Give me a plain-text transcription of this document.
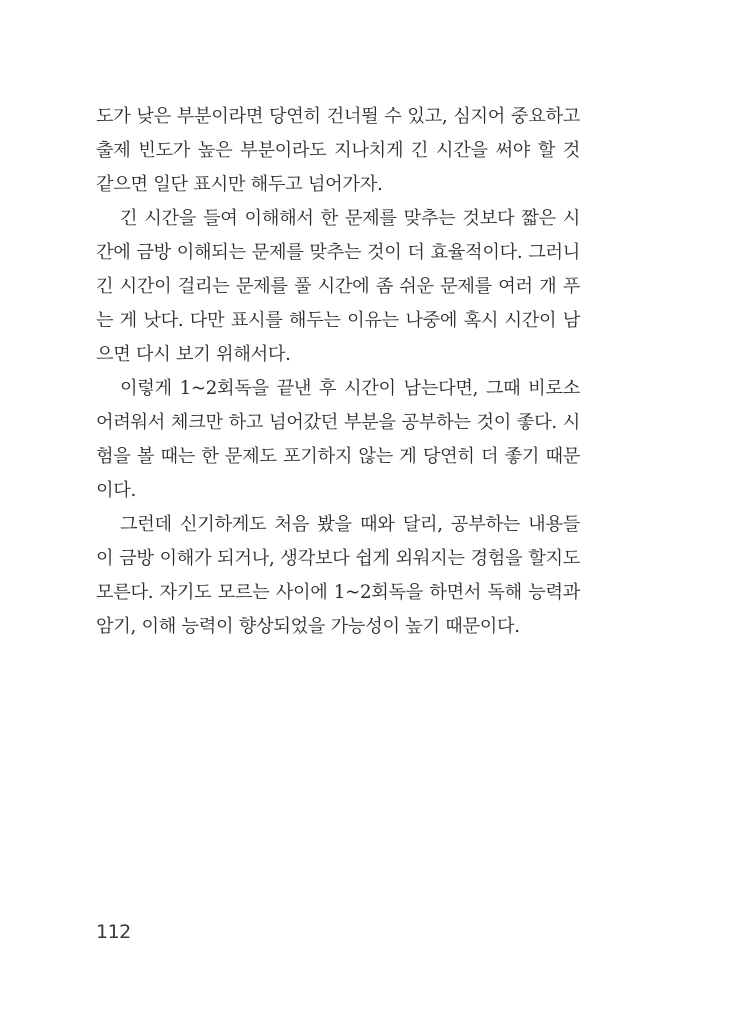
도가 낮은 부분이라면 당연히 건너뛸 수 있고, 심지어 중요하고
출제 빈도가 높은 부분이라도 지나치게 긴 시간을 써야 할 것
같으면 일단 표시만 해두고 넘어가자.
긴 시간을 들여 이해해서 한 문제를 맞추는 것보다 짧은 시
간에 금방 이해되는 문제를 맞추는 것이 더 효율적이다. 그러니
긴 시간이 걸리는 문제를 풀 시간에 좀 쉬운 문제를 여러 개 푸
는 게 낫다. 다만 표시를 해두는 이유는 나중에 혹시 시간이 남
으면 다시 보기 위해서다.
이렇게 1~2회독을 끝낸 후 시간이 남는다면, 그때 비로소
어려워서 체크만 하고 넘어갔던 부분을 공부하는 것이 좋다. 시
험을 볼 때는 한 문제도 포기하지 않는 게 당연히 더 좋기 때문
이다.
그런데 신기하게도 처음 봤을 때와 달리, 공부하는 내용들
이 금방 이해가 되거나, 생각보다 쉽게 외워지는 경험을 할지도
모른다. 자기도 모르는 사이에 1~2회독을 하면서 독해 능력과
암기, 이해 능력이 향상되었을 가능성이 높기 때문이다.
112
